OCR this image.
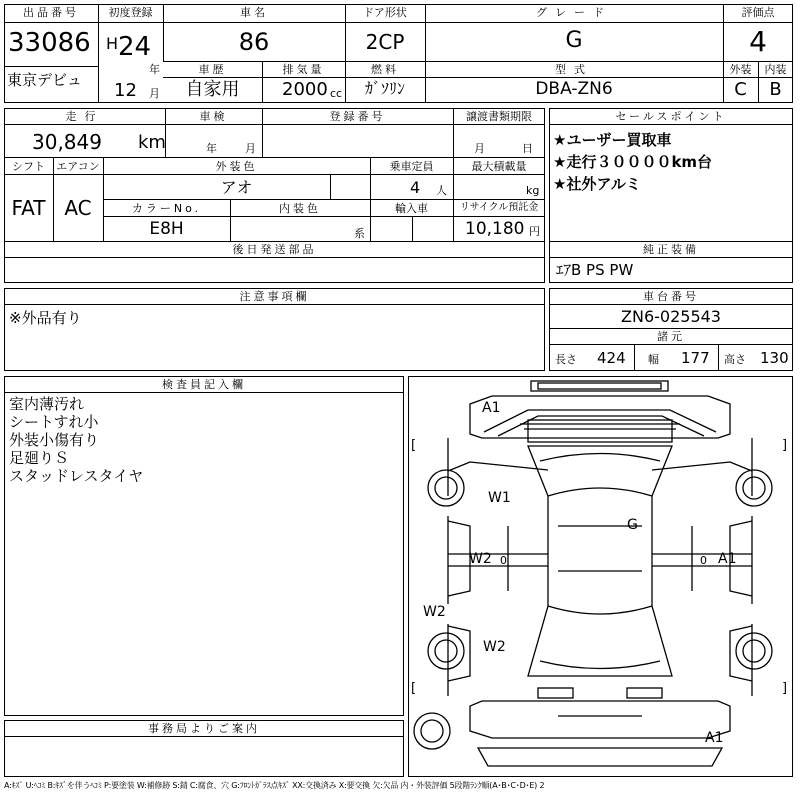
出品番号
33086
東京デビュ
初度登録
H 24
年
12 月
車名
86
ドア形状
2CP
グレード
G
評価点
4
外装	内装
C	B
車歴
自家用
排気量
2000 cc
燃料
ｶﾞｿﾘﾝ
型式
DBA-ZN6
走行
30,849 km
車検
年	月
登録番号	譲渡書類期限
月	日
シフト
FAT
エアコン
AC
外装色
アオ
乗車定員
4 人
最大積載量
kg
カラーNo.
E8H
内装色
系
輸入車	リサイクル預託金
10,180 円
後日発送部品
セールスポイント
★ユーザー買取車
★走行３００００km台
★社外アルミ
純正装備
ｴｱB PS PW
注意事項欄
※外品有り
車台番号
ZN6-025543
諸元
長さ 424 幅 177 高さ 130
検査員記入欄
室内薄汚れ
シートすれ小
外装小傷有り
足廻りＳ
スタッドレスタイヤ
事務局よりご案内
[	]
[	]
A1
W1
G
W2 0	0 A1
W2
W2
A1
A:ｷｽﾞ U:ﾍｺﾐ B:ｷｽﾞを伴うﾍｺﾐ P:要塗装 W:補修跡 S:錆 C:腐食、穴 G:ﾌﾛﾝﾄｶﾞﾗｽ点ｷｽﾞ XX:交換済み X:要交換 欠:欠品 内・外装評価 5段階ﾗﾝｸ順(A･B･C･D･E) 2
